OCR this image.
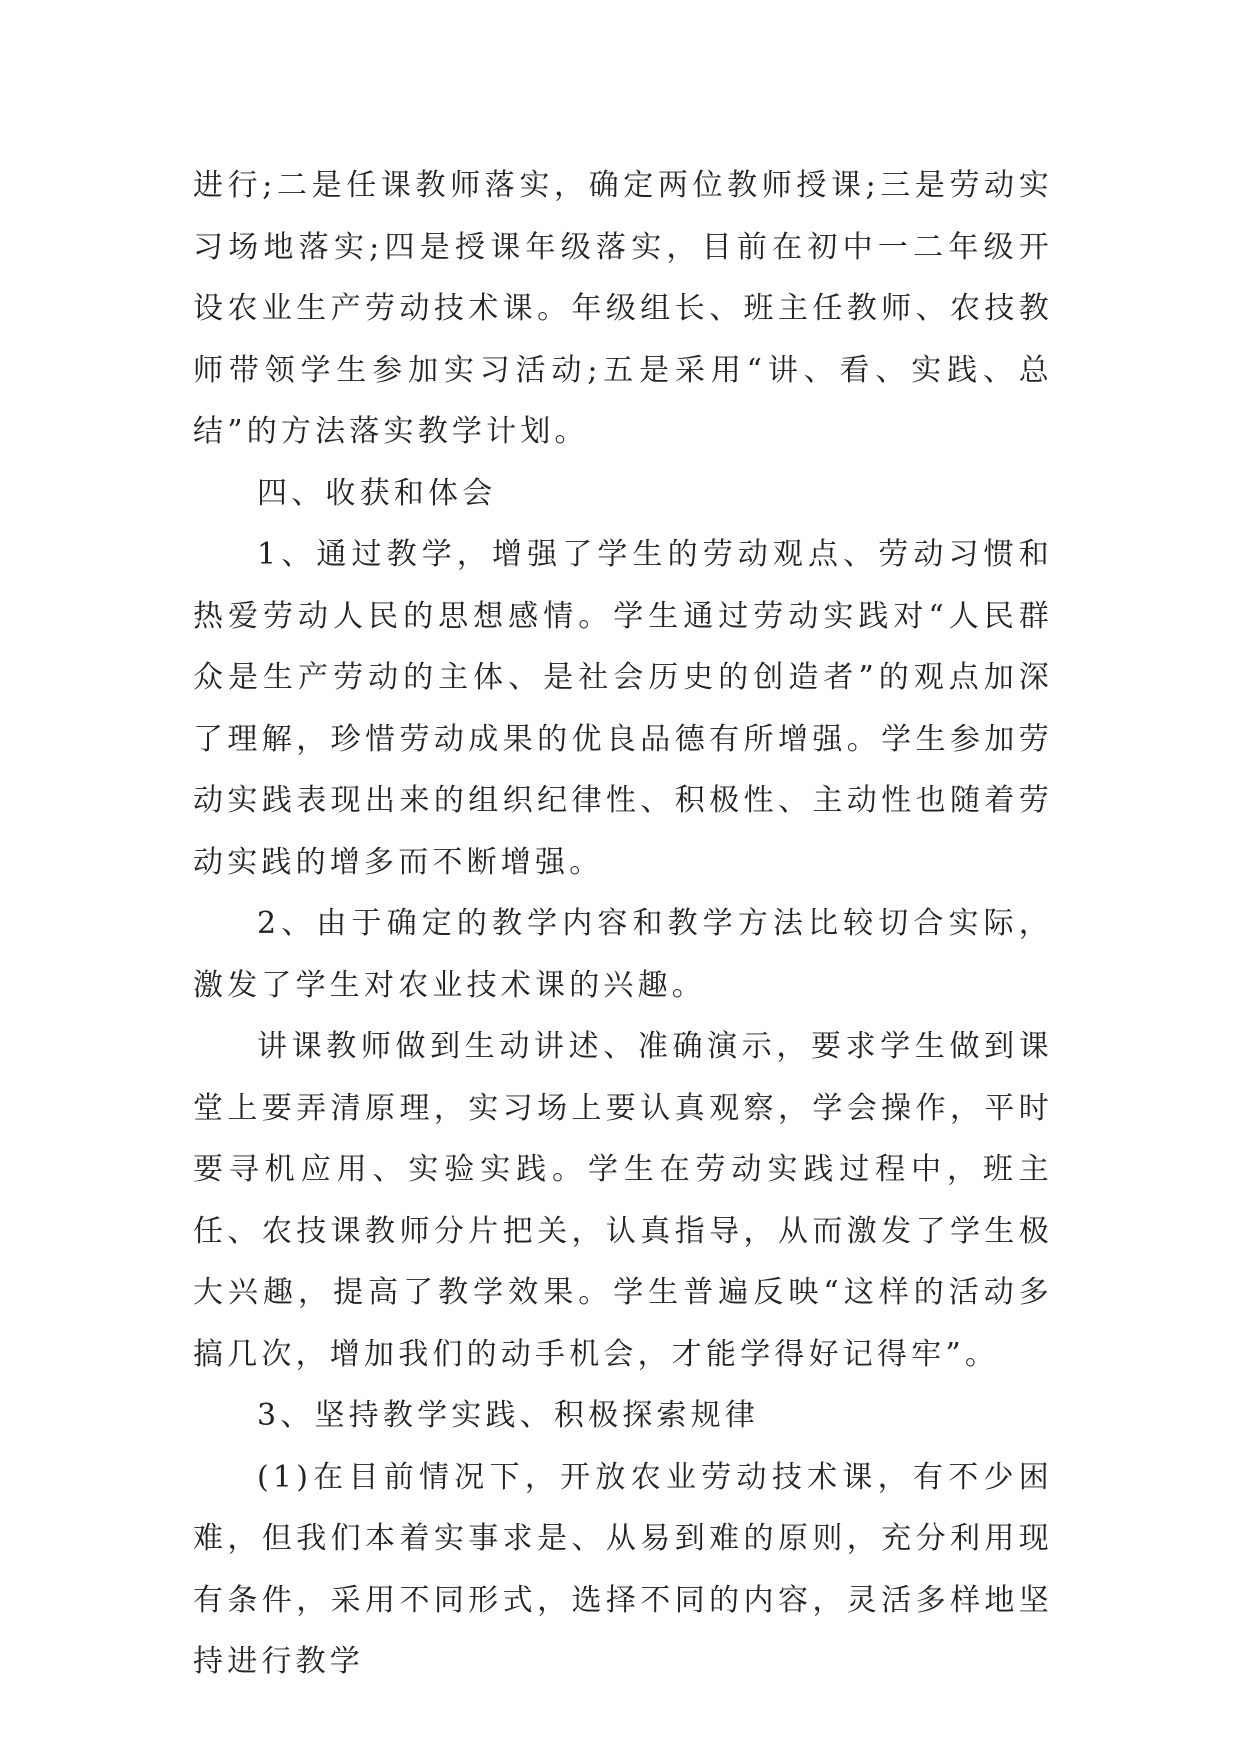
进行;二是任课教师落实，确定两位教师授课;三是劳动实习场地落实;四是授课年级落实，目前在初中一二年级开设农业生产劳动技术课。年级组长、班主任教师、农技教师带领学生参加实习活动;五是采用“讲、看、实践、总结”的方法落实教学计划。

四、收获和体会

1、通过教学，增强了学生的劳动观点、劳动习惯和热爱劳动人民的思想感情。学生通过劳动实践对“人民群众是生产劳动的主体、是社会历史的创造者”的观点加深了理解，珍惜劳动成果的优良品德有所增强。学生参加劳动实践表现出来的组织纪律性、积极性、主动性也随着劳动实践的增多而不断增强。

2、由于确定的教学内容和教学方法比较切合实际，激发了学生对农业技术课的兴趣。

讲课教师做到生动讲述、准确演示，要求学生做到课堂上要弄清原理，实习场上要认真观察，学会操作，平时要寻机应用、实验实践。学生在劳动实践过程中，班主任、农技课教师分片把关，认真指导，从而激发了学生极大兴趣，提高了教学效果。学生普遍反映“这样的活动多搞几次，增加我们的动手机会，才能学得好记得牢”。

3、坚持教学实践、积极探索规律

(1)在目前情况下，开放农业劳动技术课，有不少困难，但我们本着实事求是、从易到难的原则，充分利用现有条件，采用不同形式，选择不同的内容，灵活多样地坚持进行教学
